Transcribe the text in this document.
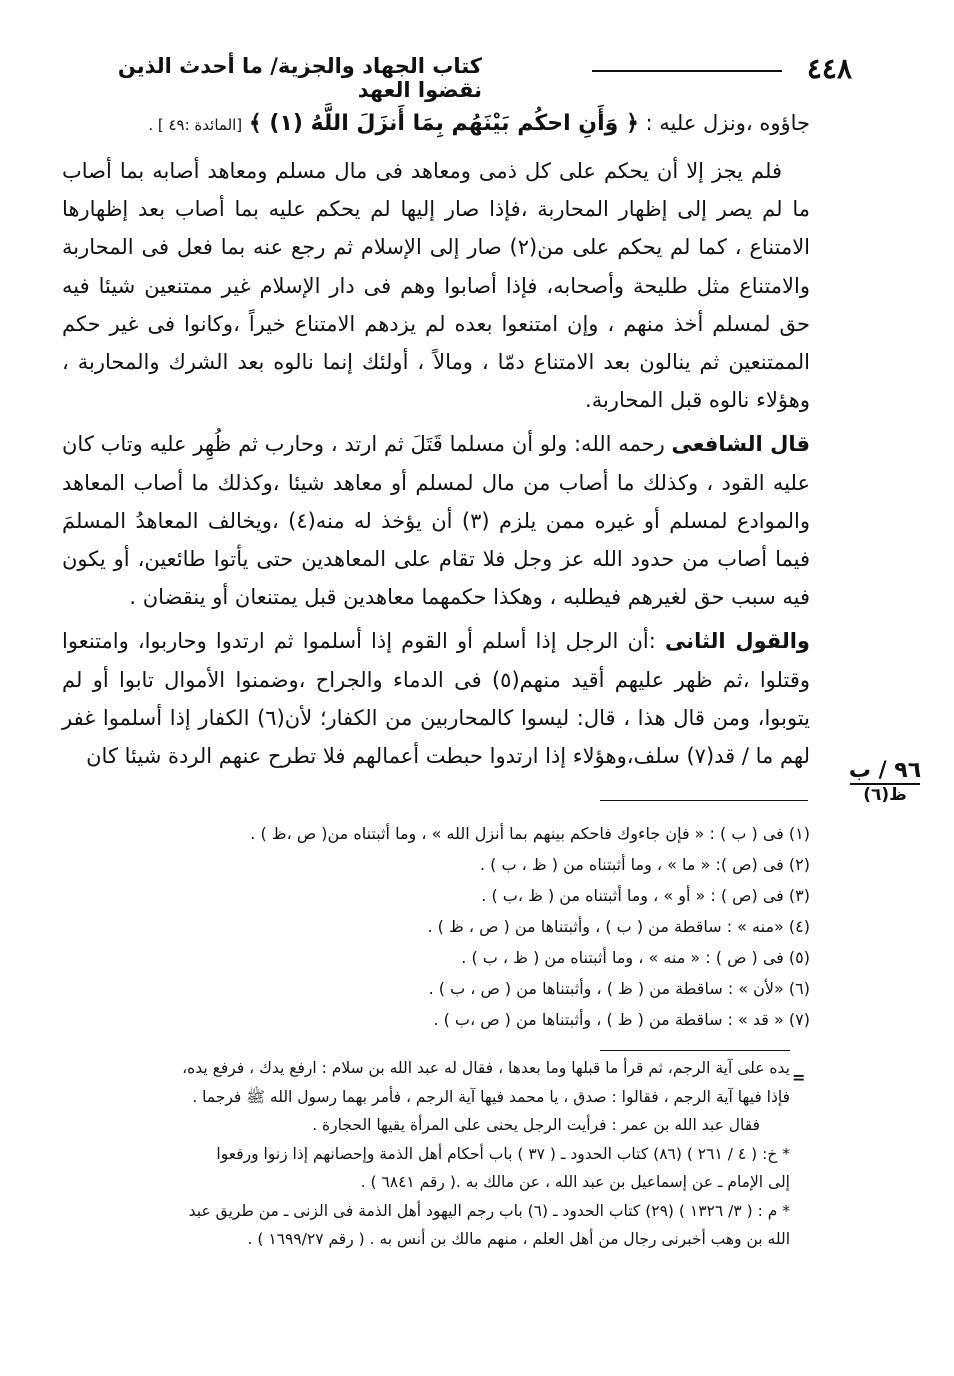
٤٤٨
كتاب الجهاد والجزية/ ما أحدث الذين نقضوا العهد

جاؤوه ،ونزل عليه : ﴿ وَأَنِ احكُم بَيْنَهُم بِمَا أَنزَلَ اللَّهُ (١) ﴾ [المائدة :٤٩ ] .

فلم يجز إلا أن يحكم على كل ذمى ومعاهد فى مال مسلم ومعاهد أصابه بما أصاب ما لم يصر إلى إظهار المحاربة ،فإذا صار إليها لم يحكم عليه بما أصاب بعد إظهارها الامتناع ، كما لم يحكم على من(٢) صار إلى الإسلام ثم رجع عنه بما فعل فى المحاربة والامتناع مثل طليحة وأصحابه، فإذا أصابوا وهم فى دار الإسلام غير ممتنعين شيئا فيه حق لمسلم أخذ منهم ، وإن امتنعوا بعده لم يزدهم الامتناع خيراً ،وكانوا فى غير حكم الممتنعين ثم ينالون بعد الامتناع دمّا ، ومالاً ، أولئك إنما نالوه بعد الشرك والمحاربة ، وهؤلاء نالوه قبل المحاربة.

قال الشافعى رحمه الله: ولو أن مسلما قَتَلَ ثم ارتد ، وحارب ثم ظُهِر عليه وتاب كان عليه القود ، وكذلك ما أصاب من مال لمسلم أو معاهد شيئا ،وكذلك ما أصاب المعاهد والموادع لمسلم أو غيره ممن يلزم (٣) أن يؤخذ له منه(٤) ،ويخالف المعاهدُ المسلمَ فيما أصاب من حدود الله عز وجل فلا تقام على المعاهدين حتى يأتوا طائعين، أو يكون فيه سبب حق لغيرهم فيطلبه ، وهكذا حكمهما معاهدين قبل يمتنعان أو ينقضان .

والقول الثانى :أن الرجل إذا أسلم أو القوم إذا أسلموا ثم ارتدوا وحاربوا، وامتنعوا وقتلوا ،ثم ظهر عليهم أقيد منهم(٥) فى الدماء والجراح ،وضمنوا الأموال تابوا أو لم يتوبوا، ومن قال هذا ، قال: ليسوا كالمحاربين من الكفار؛ لأن(٦) الكفار إذا أسلموا غفر لهم ما / قد(٧) سلف،وهؤلاء إذا ارتدوا حبطت أعمالهم فلا تطرح عنهم الردة شيئا كان

٩٦ / ب
ظ(٦)
(١) فى ( ب ) : « فإن جاءوك فاحكم بينهم بما أنزل الله » ، وما أثبتناه من( ص ،ظ ) .
(٢) فى (ص ): « ما » ، وما أثبتناه من ( ظ ، ب ) .
(٣) فى (ص ) : « أو » ، وما أثبتناه من ( ظ ،ب ) .
(٤) «منه » : ساقطة من ( ب ) ، وأثبتناها من ( ص ، ظ ) .
(٥) فى ( ص ) : « منه » ، وما أثبتناه من ( ظ ، ب ) .
(٦) «لأن » : ساقطة من ( ظ ) ، وأثبتناها من ( ص ، ب ) .
(٧) « قد » : ساقطة من ( ظ ) ، وأثبتناها من ( ص ،ب ) .
=
يده على آية الرجم، ثم قرأ ما قبلها وما بعدها ، فقال له عبد الله بن سلام : ارفع يدك ، فرفع يده،
فإذا فيها آية الرجم ، فقالوا : صدق ، يا محمد فيها آية الرجم ، فأمر بهما رسول الله ﷺ فرجما .
فقال عبد الله بن عمر : فرأيت الرجل يحنى على المرأة يقيها الحجارة .
* خ: ( ٤ / ٢٦١ ) (٨٦) كتاب الحدود ـ ( ٣٧ ) باب أحكام أهل الذمة وإحصانهم إذا زنوا ورفعوا
إلى الإمام ـ عن إسماعيل بن عبد الله ، عن مالك به .( رقم ٦٨٤١ ) .
* م : ( ٣/ ١٣٢٦ ) (٢٩) كتاب الحدود ـ (٦) باب رجم اليهود أهل الذمة فى الزنى ـ من طريق عبد
الله بن وهب أخبرنى رجال من أهل العلم ، منهم مالك بن أنس به . ( رقم ١٦٩٩/٢٧ ) .
